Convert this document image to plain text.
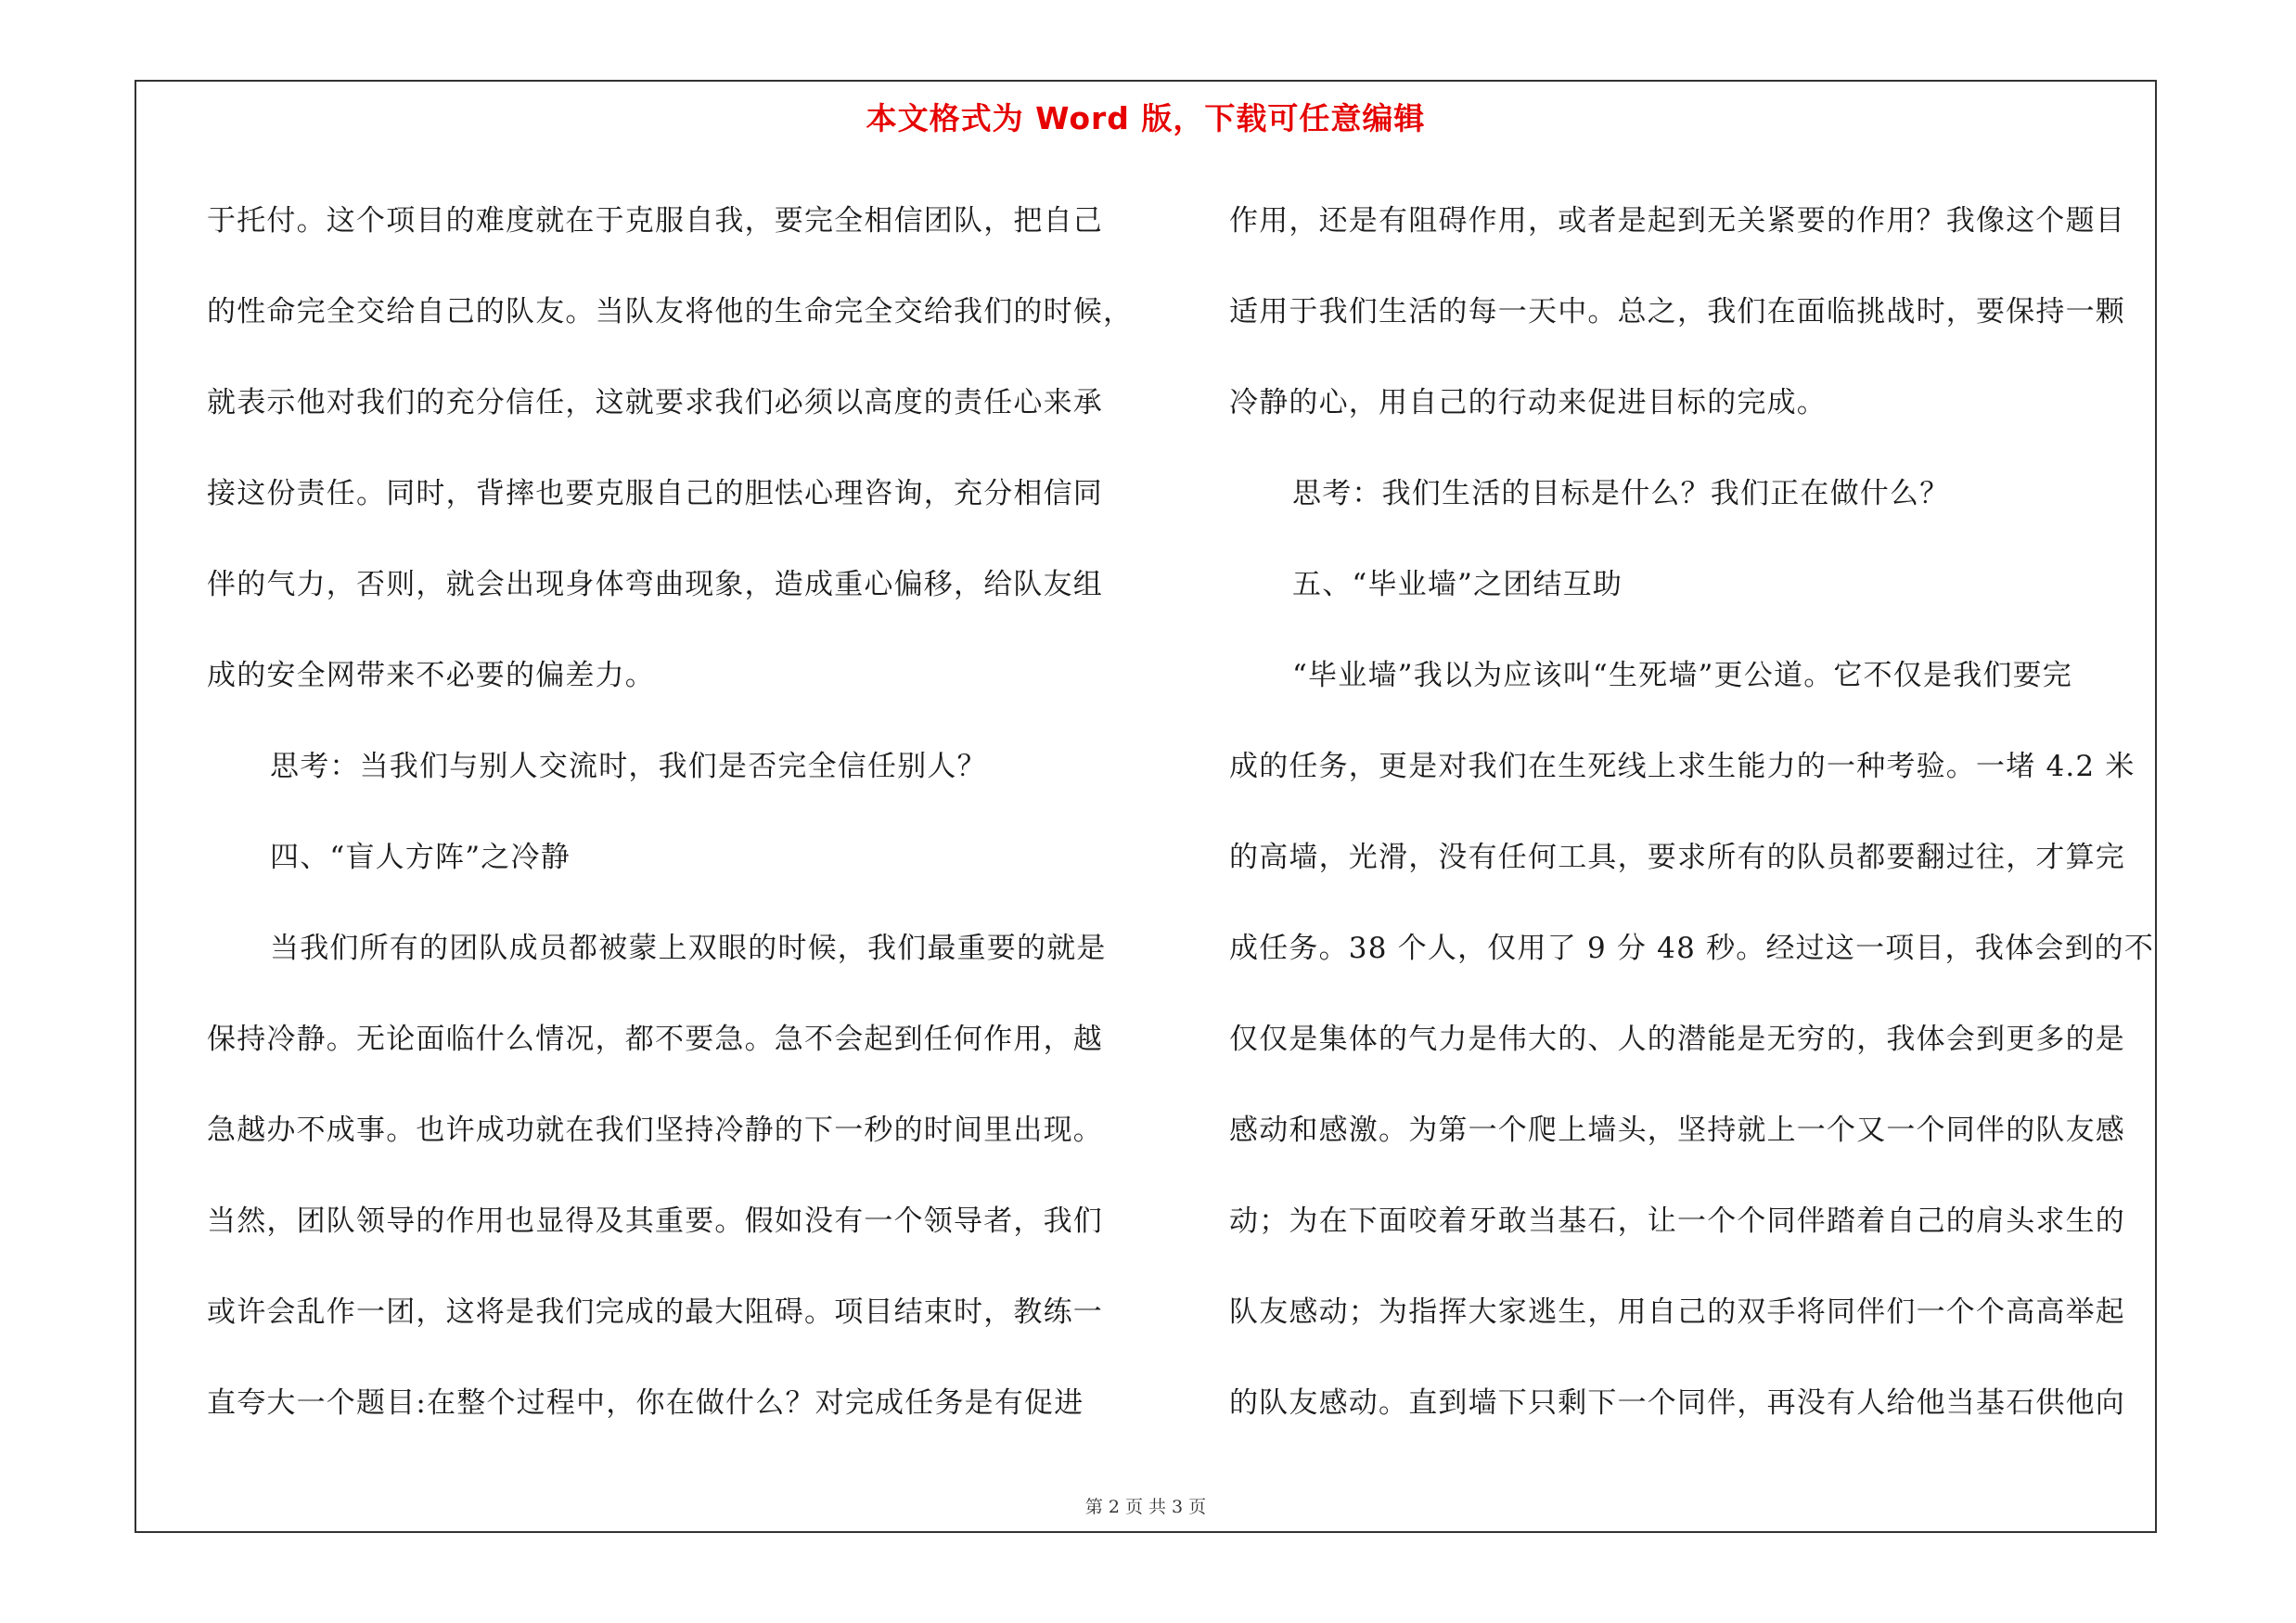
本文格式为 Word 版，下载可任意编辑
于托付。这个项目的难度就在于克服自我，要完全相信团队，把自己
的性命完全交给自己的队友。当队友将他的生命完全交给我们的时候，
就表示他对我们的充分信任，这就要求我们必须以高度的责任心来承
接这份责任。同时，背摔也要克服自己的胆怯心理咨询，充分相信同
伴的气力，否则，就会出现身体弯曲现象，造成重心偏移，给队友组
成的安全网带来不必要的偏差力。
思考：当我们与别人交流时，我们是否完全信任别人？
四、“盲人方阵”之冷静
当我们所有的团队成员都被蒙上双眼的时候，我们最重要的就是
保持冷静。无论面临什么情况，都不要急。急不会起到任何作用，越
急越办不成事。也许成功就在我们坚持冷静的下一秒的时间里出现。
当然，团队领导的作用也显得及其重要。假如没有一个领导者，我们
或许会乱作一团，这将是我们完成的最大阻碍。项目结束时，教练一
直夸大一个题目:在整个过程中，你在做什么？对完成任务是有促进
作用，还是有阻碍作用，或者是起到无关紧要的作用？我像这个题目
适用于我们生活的每一天中。总之，我们在面临挑战时，要保持一颗
冷静的心，用自己的行动来促进目标的完成。
思考：我们生活的目标是什么？我们正在做什么？
五、“毕业墙”之团结互助
“毕业墙”我以为应该叫“生死墙”更公道。它不仅是我们要完
成的任务，更是对我们在生死线上求生能力的一种考验。一堵 4.2 米
的高墙，光滑，没有任何工具，要求所有的队员都要翻过往，才算完
成任务。38 个人，仅用了 9 分 48 秒。经过这一项目，我体会到的不
仅仅是集体的气力是伟大的、人的潜能是无穷的，我体会到更多的是
感动和感激。为第一个爬上墙头，坚持就上一个又一个同伴的队友感
动；为在下面咬着牙敢当基石，让一个个同伴踏着自己的肩头求生的
队友感动；为指挥大家逃生，用自己的双手将同伴们一个个高高举起
的队友感动。直到墙下只剩下一个同伴，再没有人给他当基石供他向
第 2 页 共 3 页
